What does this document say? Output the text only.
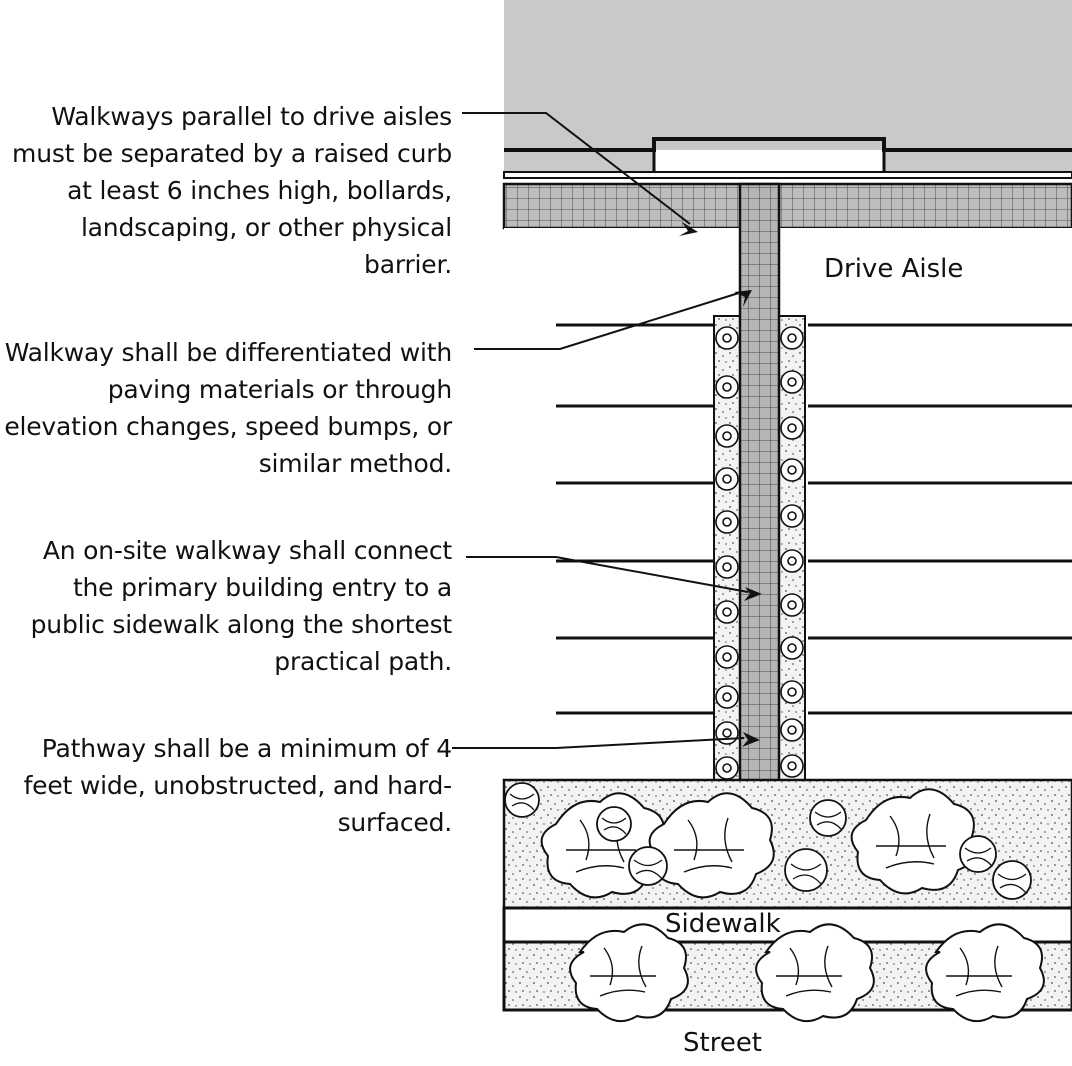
Walkways parallel to drive aisles must be separated by a raised curb at least 6 inches high, bollards, landscaping, or other physical barrier.
Walkway shall be differentiated with paving materials or through elevation changes, speed bumps, or similar method.
An on-site walkway shall connect the primary building entry to a public sidewalk along the shortest practical path.
Pathway shall be a minimum of 4 feet wide, unobstructed, and hard-surfaced.
Drive Aisle
Sidewalk
Street
